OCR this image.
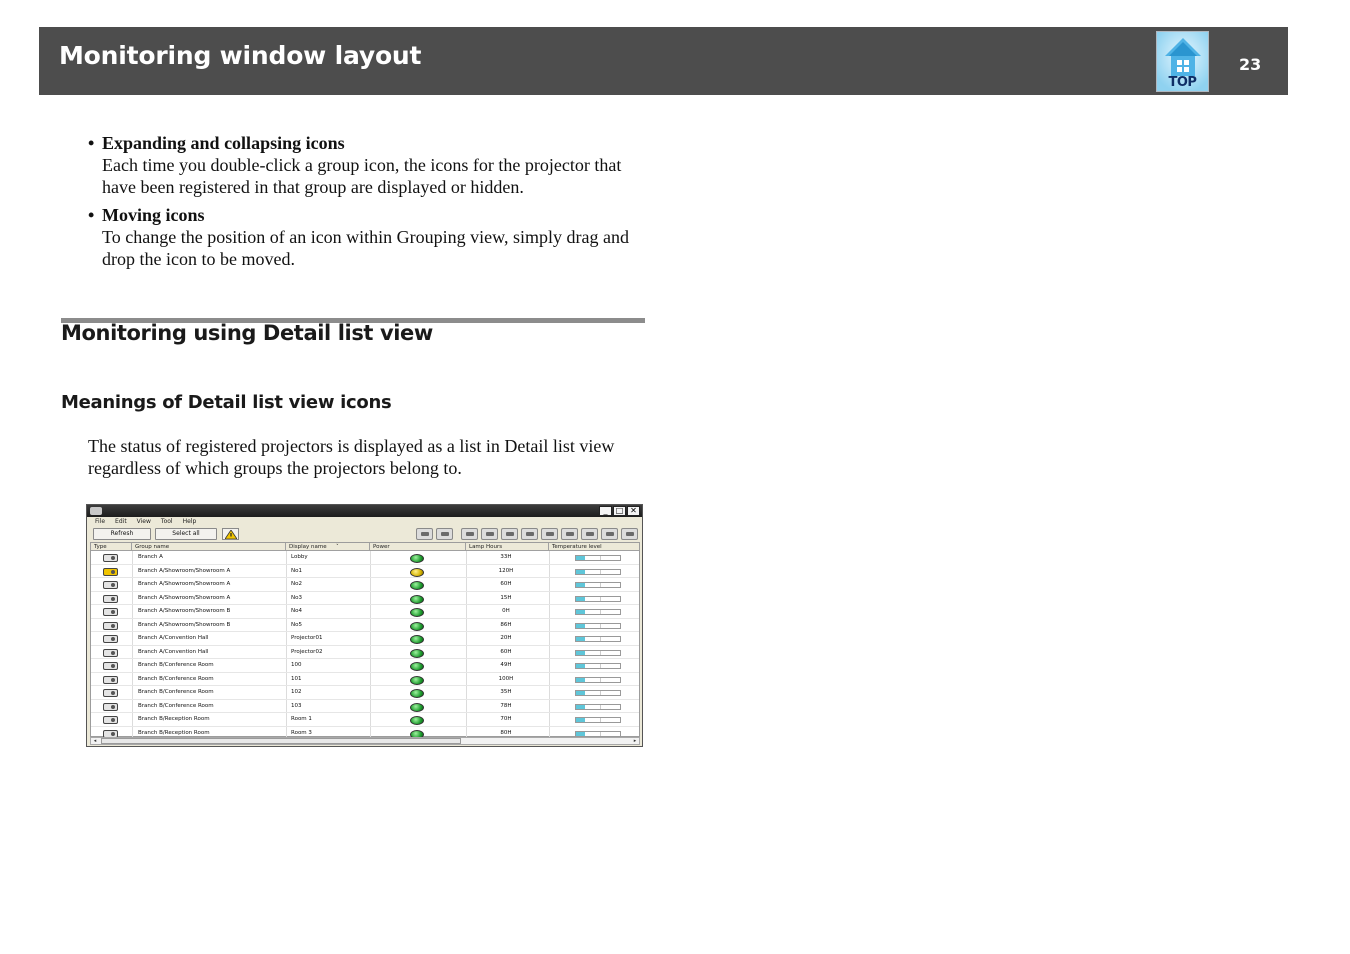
Monitoring window layout
TOP
23
• Expanding and collapsing icons
Each time you double-click a group icon, the icons for the projector that have been registered in that group are displayed or hidden.
• Moving icons
To change the position of an icon within Grouping view, simply drag and drop the icon to be moved.
Monitoring using Detail list view
Meanings of Detail list view icons
The status of registered projectors is displayed as a list in Detail list view regardless of which groups the projectors belong to.
_	□ ✕
File Edit View Tool Help
Refresh	Select all
Type	Group name	Display name ˅	Power	Lamp Hours	Temperature level
Branch A	Lobby	33H
Branch A/Showroom/Showroom A	No1	120H
Branch A/Showroom/Showroom A	No2	60H
Branch A/Showroom/Showroom A	No3	15H
Branch A/Showroom/Showroom B	No4	0H
Branch A/Showroom/Showroom B	No5	86H
Branch A/Convention Hall	Projector01	20H
Branch A/Convention Hall	Projector02	60H
Branch B/Conference Room	100	49H
Branch B/Conference Room	101	100H
Branch B/Conference Room	102	35H
Branch B/Conference Room	103	78H
Branch B/Reception Room	Room 1	70H
Branch B/Reception Room	Room 3	80H
◂	▸
